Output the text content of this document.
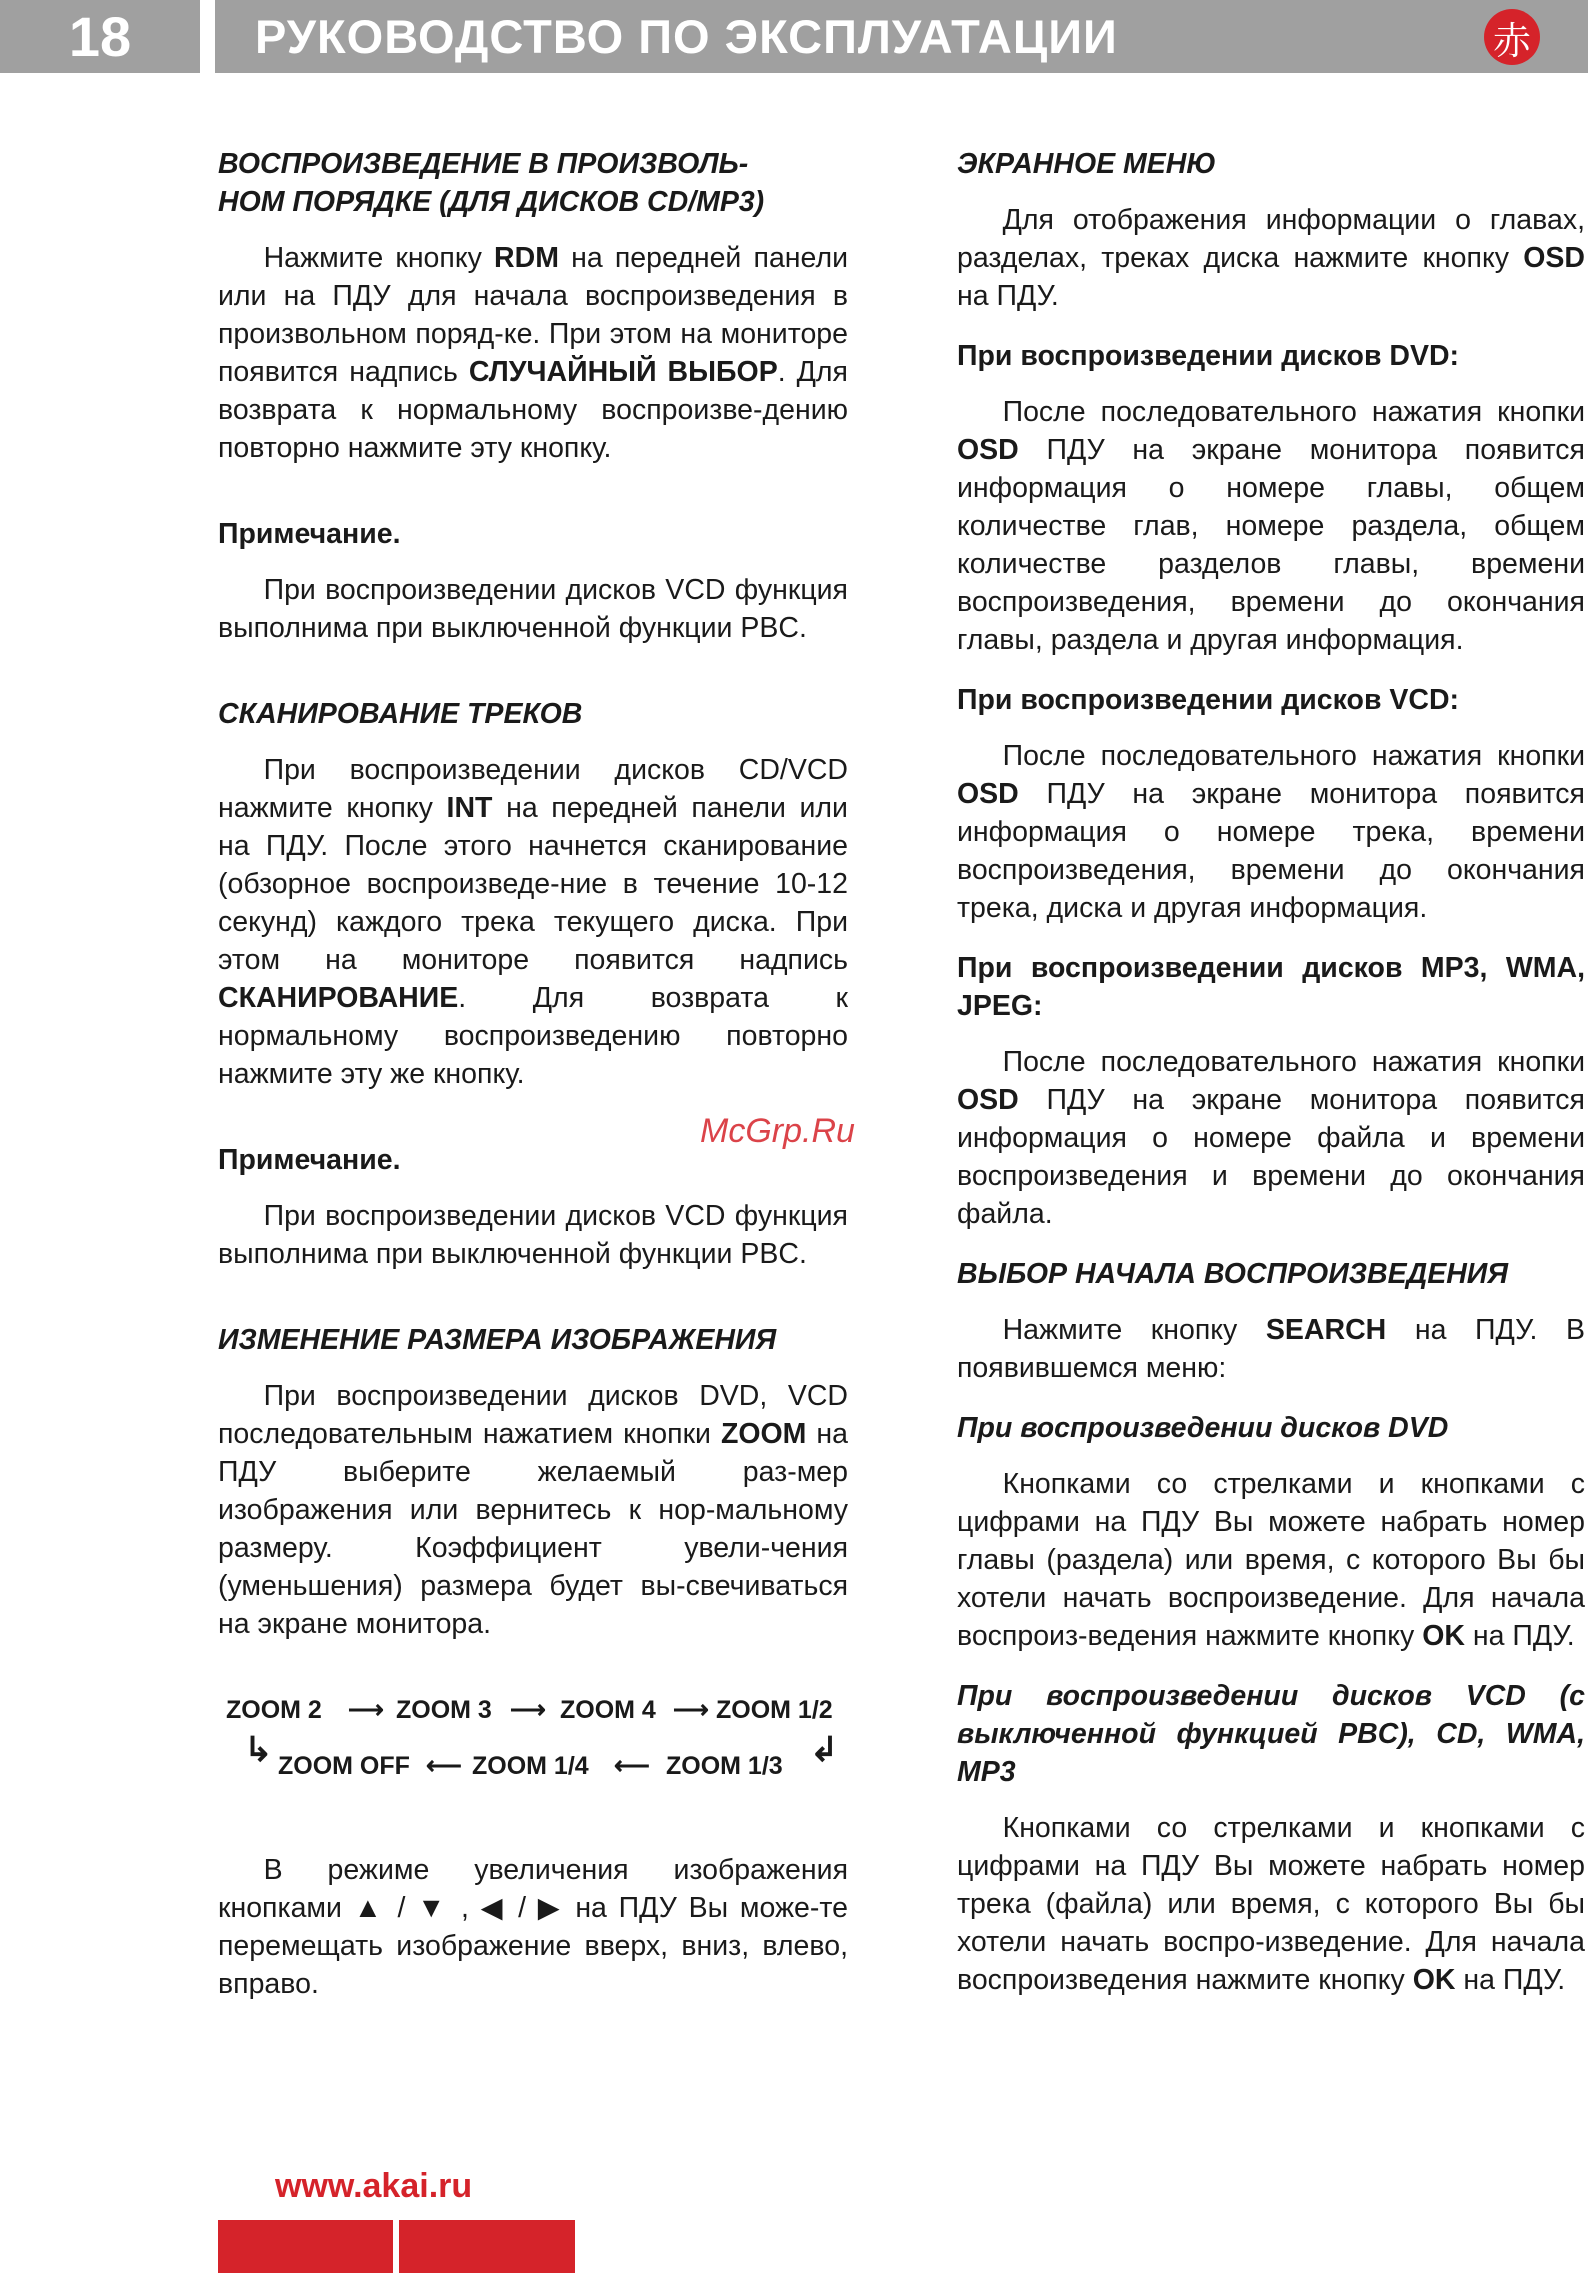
18	РУКОВОДСТВО ПО ЭКСПЛУАТАЦИИ	赤
ВОСПРОИЗВЕДЕНИЕ В ПРОИЗВОЛЬ-
НОМ ПОРЯДКЕ (ДЛЯ ДИСКОВ CD/MP3)

Нажмите кнопку RDM на передней панели или на ПДУ для начала воспроизведения в произвольном поряд-ке. При этом на мониторе появится надпись СЛУЧАЙНЫЙ ВЫБОР. Для возврата к нормальному воспроизве-дению повторно нажмите эту кнопку.

Примечание.

При воспроизведении дисков VCD функция выполнима при выключенной функции PBC.

СКАНИРОВАНИЕ ТРЕКОВ

При воспроизведении дисков CD/VCD нажмите кнопку INT на передней панели или на ПДУ. После этого начнется сканирование (обзорное воспроизведе-ние в течение 10-12 секунд) каждого трека текущего диска. При этом на мониторе появится надпись СКАНИРОВАНИЕ. Для возврата к нормальному воспроизведению повторно нажмите эту же кнопку.

Примечание.

При воспроизведении дисков VCD функция выполнима при выключенной функции PBC.

ИЗМЕНЕНИЕ РАЗМЕРА ИЗОБРАЖЕНИЯ

При воспроизведении дисков DVD, VCD последовательным нажатием кнопки ZOOM на ПДУ выберите желаемый раз-мер изображения или вернитесь к нор-мальному размеру. Коэффициент увели-чения (уменьшения) размера будет вы-свечиваться на экране монитора.

ZOOM 2 ⟶ ZOOM 3 ⟶ ZOOM 4 ⟶ ZOOM 1/2
↳ ZOOM OFF ⟵ ZOOM 1/4 ⟵ ZOOM 1/3 ↲

В режиме увеличения изображения кнопками ▲ / ▼ , ◀ / ▶ на ПДУ Вы може-те перемещать изображение вверх, вниз, влево, вправо.

ЭКРАННОЕ МЕНЮ

Для отображения информации о главах, разделах, треках диска нажмите кнопку OSD на ПДУ.

При воспроизведении дисков DVD:

После последовательного нажатия кнопки OSD ПДУ на экране монитора появится информация о номере главы, общем количестве глав, номере раздела, общем количестве разделов главы, времени воспроизведения, времени до окончания главы, раздела и другая информация.

При воспроизведении дисков VCD:

После последовательного нажатия кнопки OSD ПДУ на экране монитора появится информация о номере трека, времени воспроизведения, времени до окончания трека, диска и другая информация.

При воспроизведении дисков MP3, WMA, JPEG:

После последовательного нажатия кнопки OSD ПДУ на экране монитора появится информация о номере файла и времени воспроизведения и времени до окончания файла.

ВЫБОР НАЧАЛА ВОСПРОИЗВЕДЕНИЯ

Нажмите кнопку SEARCH на ПДУ. В появившемся меню:

При воспроизведении дисков DVD

Кнопками со стрелками и кнопками с цифрами на ПДУ Вы можете набрать номер главы (раздела) или время, с которого Вы бы хотели начать воспроизведение. Для начала воспроиз-ведения нажмите кнопку OK на ПДУ.

При воспроизведении дисков VCD (с выключенной функцией PBC), CD, WMA, MP3

Кнопками со стрелками и кнопками с цифрами на ПДУ Вы можете набрать номер трека (файла) или время, с которого Вы бы хотели начать воспро-изведение. Для начала воспроизведения нажмите кнопку OK на ПДУ.

McGrp.Ru
www.akai.ru
